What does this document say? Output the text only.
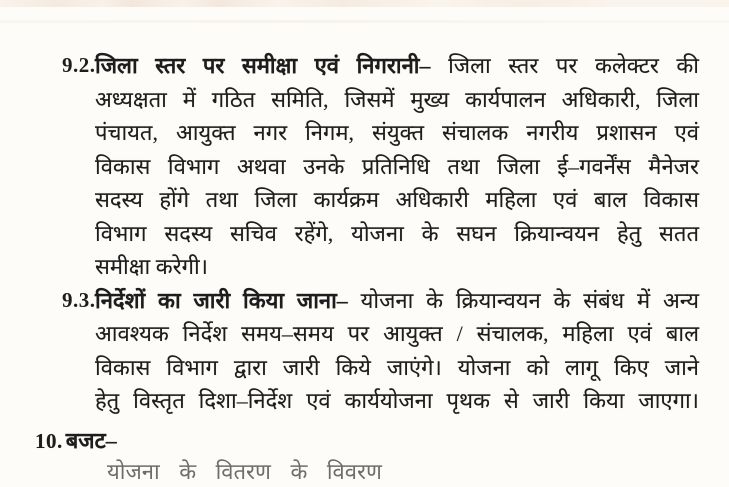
9.2. जिला स्तर पर समीक्षा एवं निगरानी– जिला स्तर पर कलेक्टर की
अध्यक्षता में गठित समिति, जिसमें मुख्य कार्यपालन अधिकारी, जिला
पंचायत, आयुक्त नगर निगम, संयुक्त संचालक नगरीय प्रशासन एवं
विकास विभाग अथवा उनके प्रतिनिधि तथा जिला ई–गवर्नेंस मैनेजर
सदस्य होंगे तथा जिला कार्यक्रम अधिकारी महिला एवं बाल विकास
विभाग सदस्य सचिव रहेंगे, योजना के सघन क्रियान्वयन हेतु सतत
समीक्षा करेगी।
9.3. निर्देशों का जारी किया जाना– योजना के क्रियान्वयन के संबंध में अन्य
आवश्यक निर्देश समय–समय पर आयुक्त / संचालक, महिला एवं बाल
विकास विभाग द्वारा जारी किये जाएंगे। योजना को लागू किए जाने
हेतु विस्तृत दिशा–निर्देश एवं कार्ययोजना पृथक से जारी किया जाएगा।
10. बजट–
योजना के वितरण के विवरण
